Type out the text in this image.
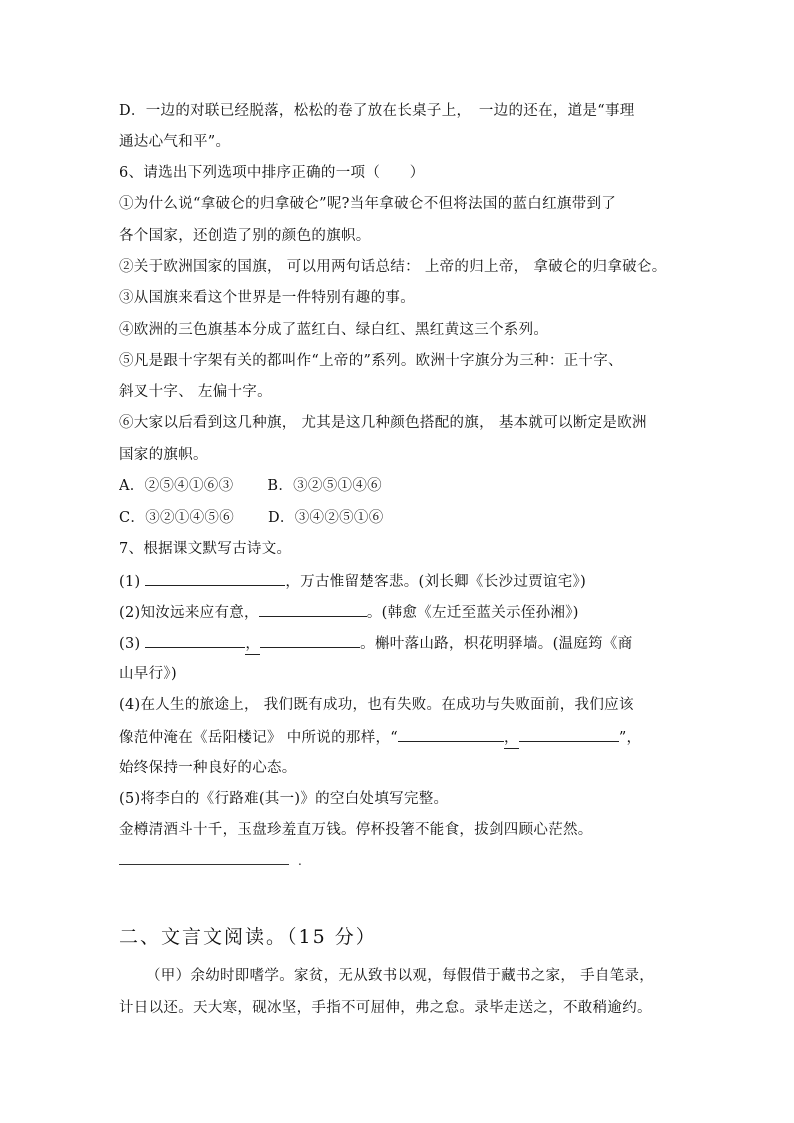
D．一边的对联已经脱落，松松的卷了放在长桌子上，　一边的还在，道是“事理
通达心气和平”。
6、请选出下列选项中排序正确的一项（　　）
①为什么说“拿破仑的归拿破仑”呢?当年拿破仑不但将法国的蓝白红旗带到了
各个国家，还创造了别的颜色的旗帜。
②关于欧洲国家的国旗， 可以用两句话总结： 上帝的归上帝， 拿破仑的归拿破仑。
③从国旗来看这个世界是一件特别有趣的事。
④欧洲的三色旗基本分成了蓝红白、绿白红、黑红黄这三个系列。
⑤凡是跟十字架有关的都叫作“上帝的”系列。欧洲十字旗分为三种：正十字、
斜叉十字、 左偏十字。
⑥大家以后看到这几种旗， 尤其是这几种颜色搭配的旗， 基本就可以断定是欧洲
国家的旗帜。
A．②⑤④①⑥③ B．③②⑤①④⑥
C．③②①④⑤⑥ D．③④②⑤①⑥
7、根据课文默写古诗文。
(1)	，万古惟留楚客悲。(刘长卿《长沙过贾谊宅》)
(2)知汝远来应有意，	。(韩愈《左迁至蓝关示侄孙湘》)
(3)	，	。槲叶落山路，枳花明驿墙。(温庭筠《商
山早行》)
(4)在人生的旅途上， 我们既有成功，也有失败。在成功与失败面前，我们应该
像范仲淹在《岳阳楼记》 中所说的那样，“	，	”，
始终保持一种良好的心态。
(5)将李白的《行路难(其一)》的空白处填写完整。
金樽清酒斗十千，玉盘珍羞直万钱。停杯投箸不能食，拔剑四顾心茫然。
.
二、文言文阅读。（15 分）
（甲）余幼时即嗜学。家贫，无从致书以观，每假借于藏书之家， 手自笔录，
计日以还。天大寒，砚冰坚，手指不可屈伸，弗之怠。录毕走送之，不敢稍逾约。
